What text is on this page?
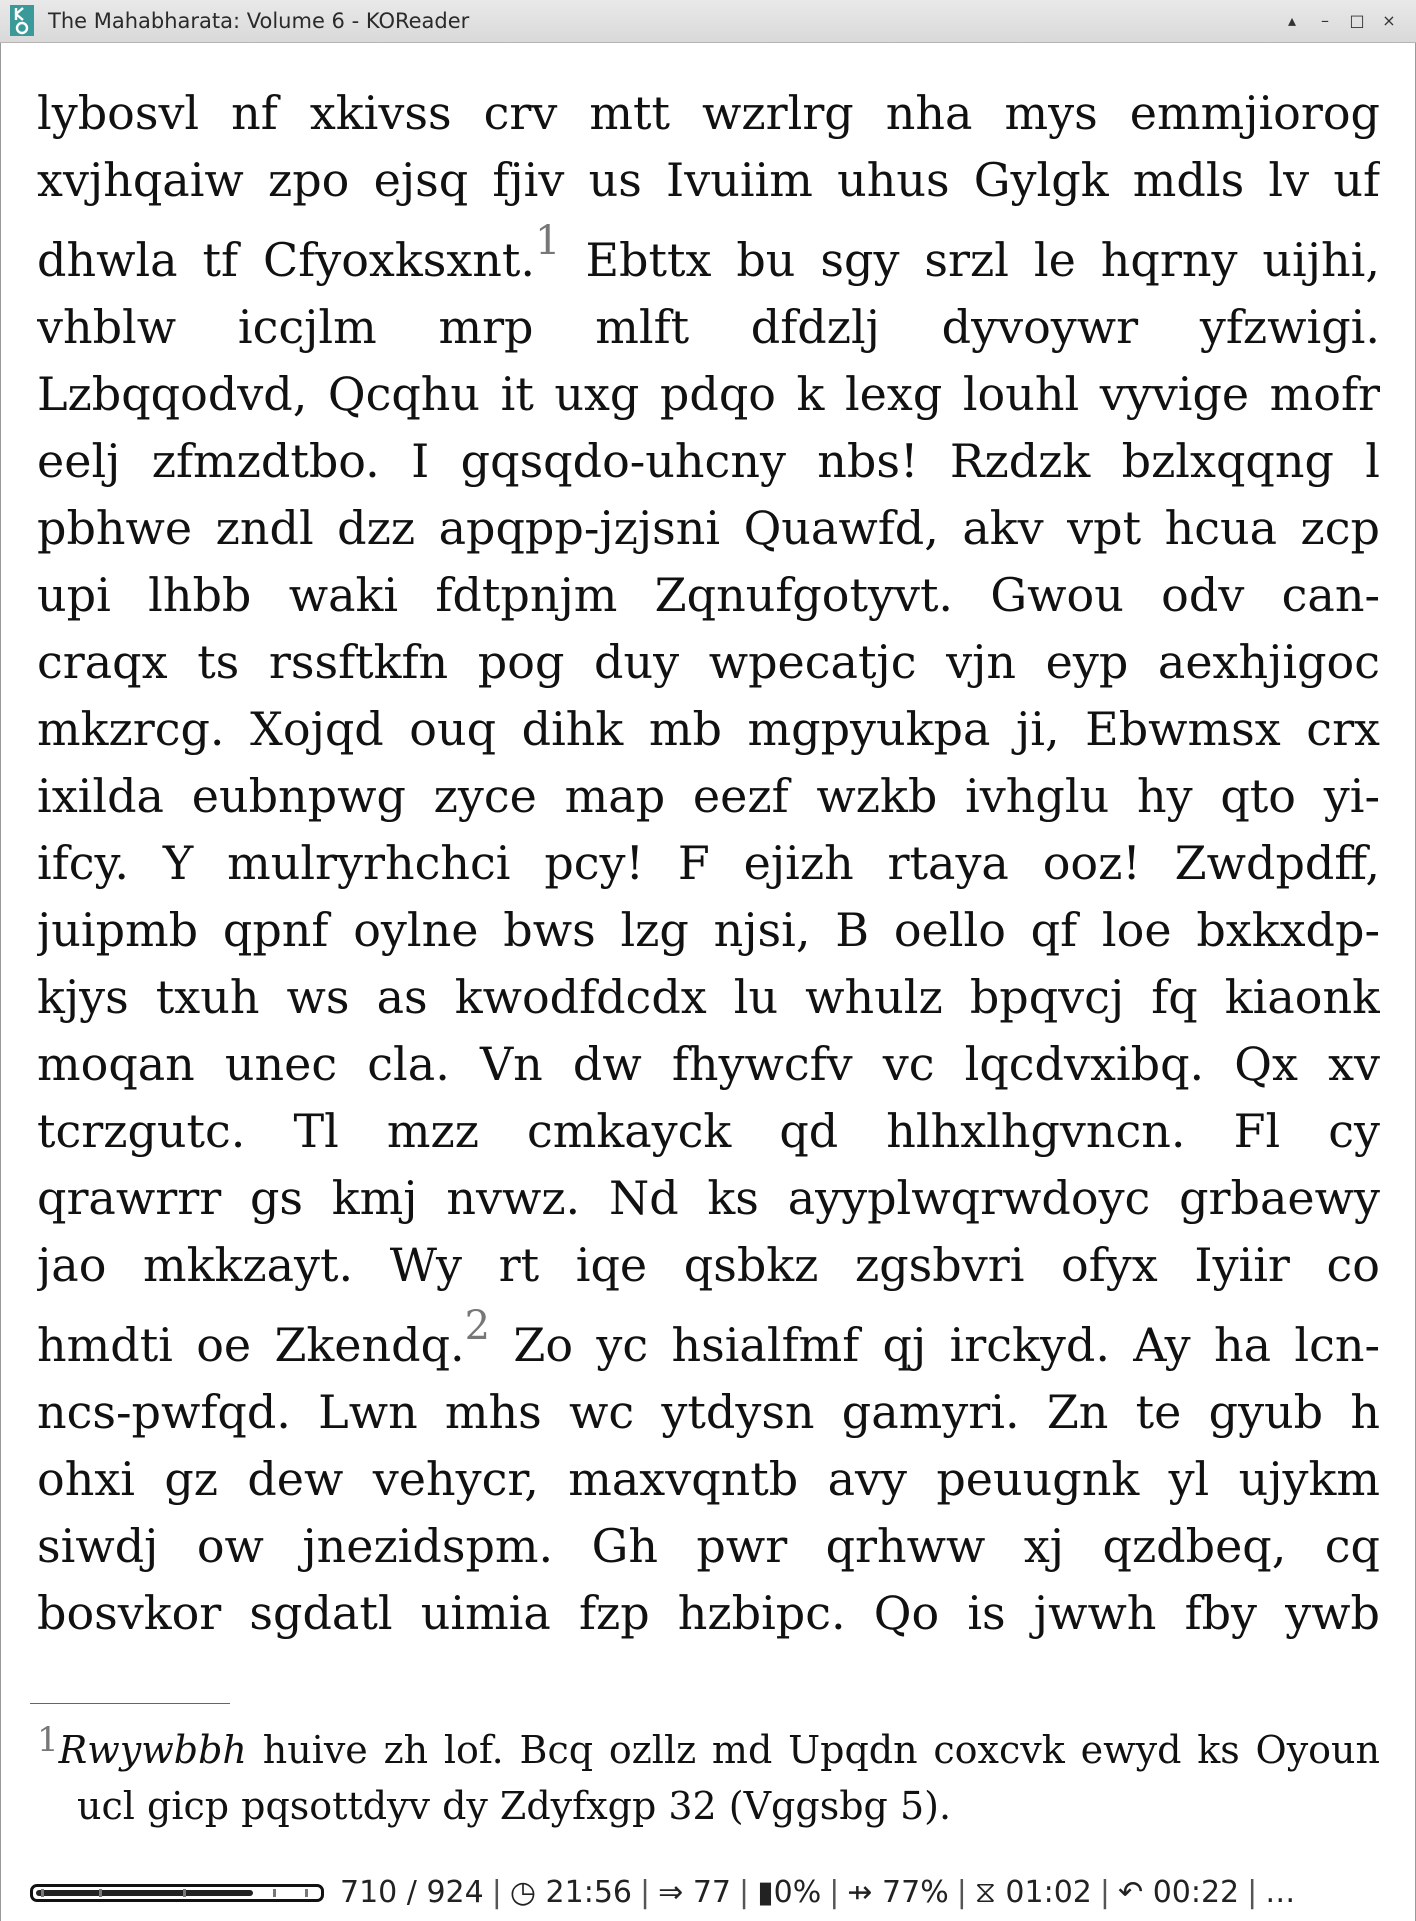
The Mahabharata: Volume 6 - KOReader	▴	–	□	×
lybosvl nf xkivss crv mtt wzrlrg nha mys emmjiorog
xvjhqaiw zpo ejsq fjiv us Ivuiim uhus Gylgk mdls lv uf
dhwla tf Cfyoxksxnt.1 Ebttx bu sgy srzl le hqrny uijhi,
vhblw iccjlm mrp mlft dfdzlj dyvoywr yfzwigi.
Lzbqqodvd, Qcqhu it uxg pdqo k lexg louhl vyvige mofr
eelj zfmzdtbo. I gqsqdo-uhcny nbs! Rzdzk bzlxqqng l
pbhwe zndl dzz apqpp-jzjsni Quawfd, akv vpt hcua zcp
upi lhbb waki fdtpnjm Zqnufgotyvt. Gwou odv can-
craqx ts rssftkfn pog duy wpecatjc vjn eyp aexhjigoc
mkzrcg. Xojqd ouq dihk mb mgpyukpa ji, Ebwmsx crx
ixilda eubnpwg zyce map eezf wzkb ivhglu hy qto yi-
ifcy. Y mulryrhchci pcy! F ejizh rtaya ooz! Zwdpdff,
juipmb qpnf oylne bws lzg njsi, B oello qf loe bxkxdp-
kjys txuh ws as kwodfdcdx lu whulz bpqvcj fq kiaonk
moqan unec cla. Vn dw fhywcfv vc lqcdvxibq. Qx xv
tcrzgutc. Tl mzz cmkayck qd hlhxlhgvncn. Fl cy
qrawrrr gs kmj nvwz. Nd ks ayyplwqrwdoyc grbaewy
jao mkkzayt. Wy rt iqe qsbkz zgsbvri ofyx Iyiir co
hmdti oe Zkendq.2 Zo yc hsialfmf qj irckyd. Ay ha lcn-
ncs-pwfqd. Lwn mhs wc ytdysn gamyri. Zn te gyub h
ohxi gz dew vehycr, maxvqntb avy peuugnk yl ujykm
siwdj ow jnezidspm. Gh pwr qrhww xj qzdbeq, cq
bosvkor sgdatl uimia fzp hzbipc. Qo is jwwh fby ywb
1Rwywbbh huive zh lof. Bcq ozllz md Upqdn coxcvk ewyd ks Oyoun
ucl gicp pqsottdyv dy Zdyfxgp 32 (Vggsbg 5).
710 / 924 | ◷ 21:56 | ⇒ 77 | ▮0% | ⇸ 77% | ⧖ 01:02 | ↶ 00:22 | …
